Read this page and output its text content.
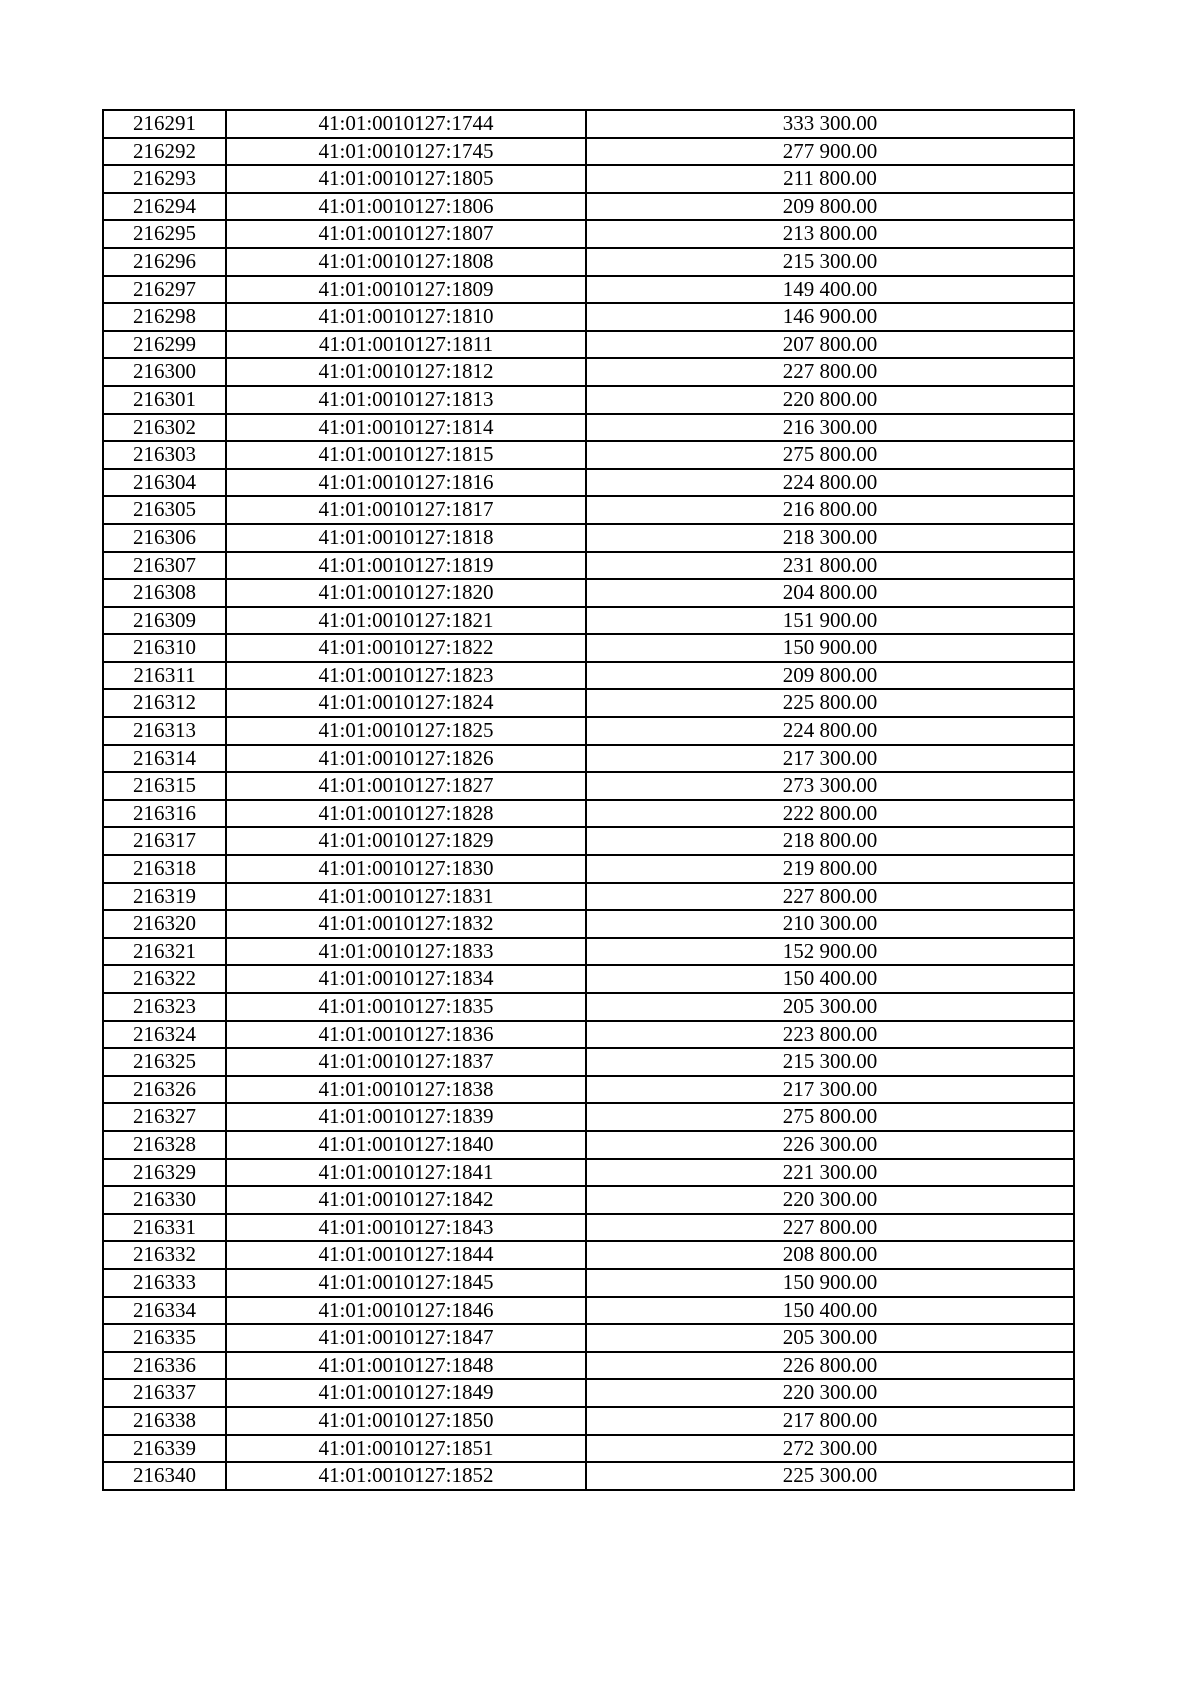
216291	41:01:0010127:1744	333 300.00
216292	41:01:0010127:1745	277 900.00
216293	41:01:0010127:1805	211 800.00
216294	41:01:0010127:1806	209 800.00
216295	41:01:0010127:1807	213 800.00
216296	41:01:0010127:1808	215 300.00
216297	41:01:0010127:1809	149 400.00
216298	41:01:0010127:1810	146 900.00
216299	41:01:0010127:1811	207 800.00
216300	41:01:0010127:1812	227 800.00
216301	41:01:0010127:1813	220 800.00
216302	41:01:0010127:1814	216 300.00
216303	41:01:0010127:1815	275 800.00
216304	41:01:0010127:1816	224 800.00
216305	41:01:0010127:1817	216 800.00
216306	41:01:0010127:1818	218 300.00
216307	41:01:0010127:1819	231 800.00
216308	41:01:0010127:1820	204 800.00
216309	41:01:0010127:1821	151 900.00
216310	41:01:0010127:1822	150 900.00
216311	41:01:0010127:1823	209 800.00
216312	41:01:0010127:1824	225 800.00
216313	41:01:0010127:1825	224 800.00
216314	41:01:0010127:1826	217 300.00
216315	41:01:0010127:1827	273 300.00
216316	41:01:0010127:1828	222 800.00
216317	41:01:0010127:1829	218 800.00
216318	41:01:0010127:1830	219 800.00
216319	41:01:0010127:1831	227 800.00
216320	41:01:0010127:1832	210 300.00
216321	41:01:0010127:1833	152 900.00
216322	41:01:0010127:1834	150 400.00
216323	41:01:0010127:1835	205 300.00
216324	41:01:0010127:1836	223 800.00
216325	41:01:0010127:1837	215 300.00
216326	41:01:0010127:1838	217 300.00
216327	41:01:0010127:1839	275 800.00
216328	41:01:0010127:1840	226 300.00
216329	41:01:0010127:1841	221 300.00
216330	41:01:0010127:1842	220 300.00
216331	41:01:0010127:1843	227 800.00
216332	41:01:0010127:1844	208 800.00
216333	41:01:0010127:1845	150 900.00
216334	41:01:0010127:1846	150 400.00
216335	41:01:0010127:1847	205 300.00
216336	41:01:0010127:1848	226 800.00
216337	41:01:0010127:1849	220 300.00
216338	41:01:0010127:1850	217 800.00
216339	41:01:0010127:1851	272 300.00
216340	41:01:0010127:1852	225 300.00
